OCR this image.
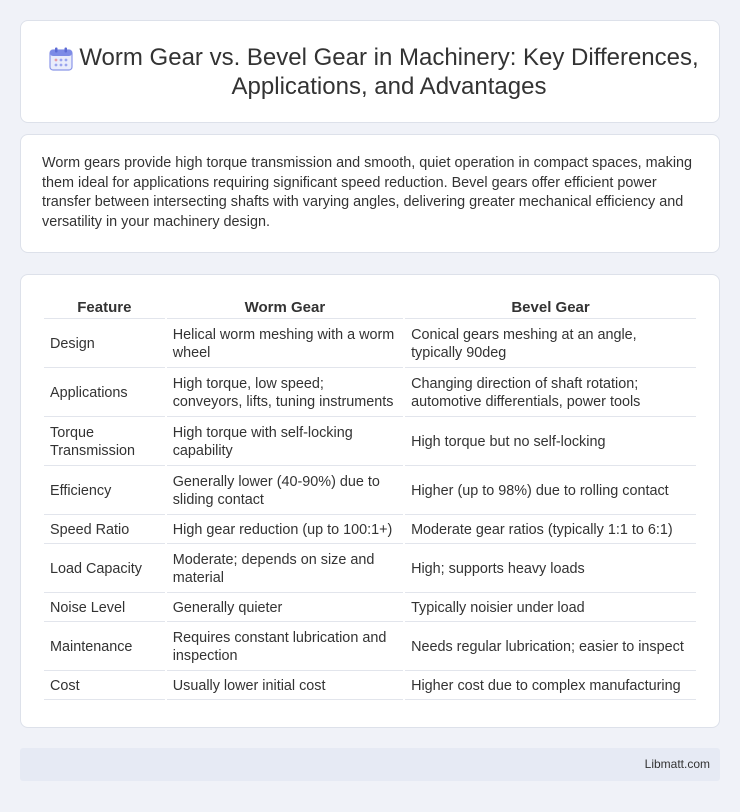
Worm Gear vs. Bevel Gear in Machinery: Key Differences, Applications, and Advantages

Worm gears provide high torque transmission and smooth, quiet operation in compact spaces, making them ideal for applications requiring significant speed reduction. Bevel gears offer efficient power transfer between intersecting shafts with varying angles, delivering greater mechanical efficiency and versatility in your machinery design.

Feature	Worm Gear	Bevel Gear
Design	Helical worm meshing with a worm wheel	Conical gears meshing at an angle, typically 90deg
Applications	High torque, low speed; conveyors, lifts, tuning instruments	Changing direction of shaft rotation; automotive differentials, power tools
Torque Transmission	High torque with self-locking capability	High torque but no self-locking
Efficiency	Generally lower (40-90%) due to sliding contact	Higher (up to 98%) due to rolling contact
Speed Ratio	High gear reduction (up to 100:1+)	Moderate gear ratios (typically 1:1 to 6:1)
Load Capacity	Moderate; depends on size and material	High; supports heavy loads
Noise Level	Generally quieter	Typically noisier under load
Maintenance	Requires constant lubrication and inspection	Needs regular lubrication; easier to inspect
Cost	Usually lower initial cost	Higher cost due to complex manufacturing
Libmatt.com
